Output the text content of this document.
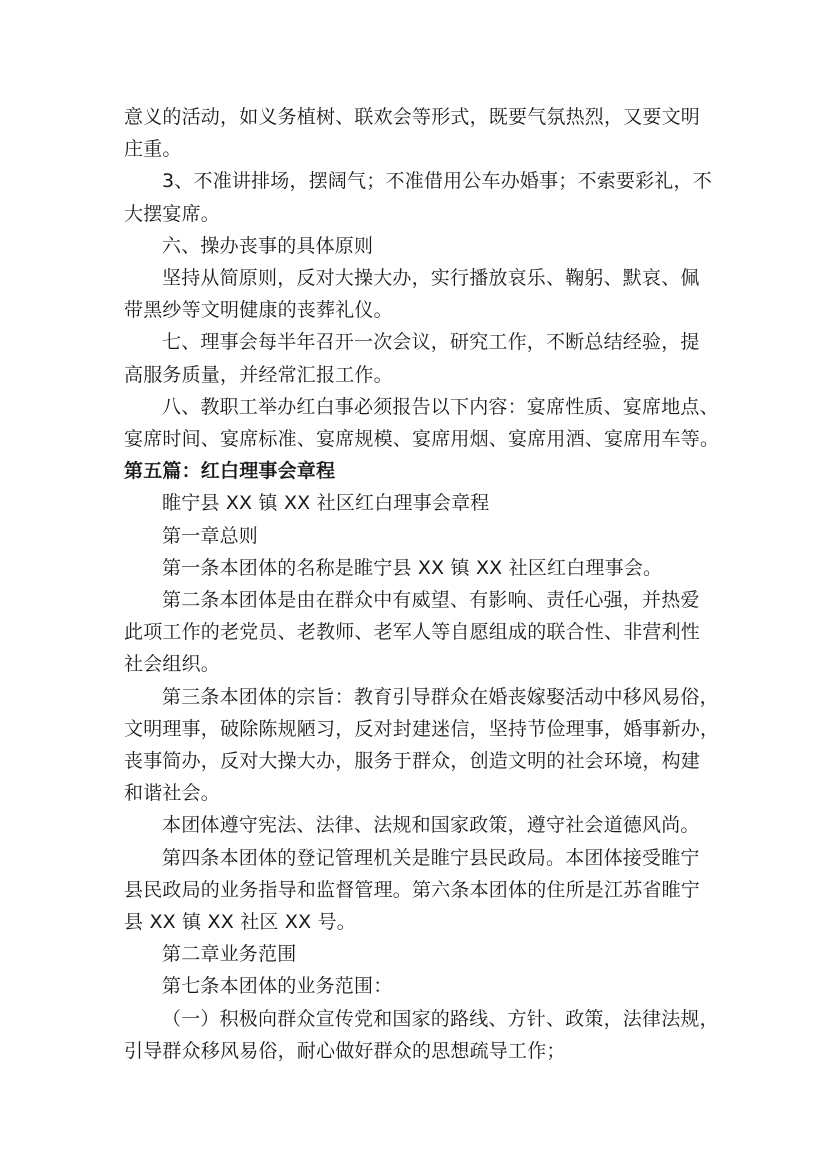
意义的活动，如义务植树、联欢会等形式，既要气氛热烈，又要文明
庄重。

3、不准讲排场，摆阔气；不准借用公车办婚事；不索要彩礼，不
大摆宴席。

六、操办丧事的具体原则

坚持从简原则，反对大操大办，实行播放哀乐、鞠躬、默哀、佩
带黑纱等文明健康的丧葬礼仪。

七、理事会每半年召开一次会议，研究工作，不断总结经验，提
高服务质量，并经常汇报工作。

八、教职工举办红白事必须报告以下内容：宴席性质、宴席地点、
宴席时间、宴席标准、宴席规模、宴席用烟、宴席用酒、宴席用车等。

第五篇：红白理事会章程

睢宁县 XX 镇 XX 社区红白理事会章程

第一章总则

第一条本团体的名称是睢宁县 XX 镇 XX 社区红白理事会。

第二条本团体是由在群众中有威望、有影响、责任心强，并热爱
此项工作的老党员、老教师、老军人等自愿组成的联合性、非营利性
社会组织。

第三条本团体的宗旨：教育引导群众在婚丧嫁娶活动中移风易俗，
文明理事，破除陈规陋习，反对封建迷信，坚持节俭理事，婚事新办，
丧事简办，反对大操大办，服务于群众，创造文明的社会环境，构建
和谐社会。

本团体遵守宪法、法律、法规和国家政策，遵守社会道德风尚。

第四条本团体的登记管理机关是睢宁县民政局。本团体接受睢宁
县民政局的业务指导和监督管理。第六条本团体的住所是江苏省睢宁
县 XX 镇 XX 社区 XX 号。

第二章业务范围

第七条本团体的业务范围：

（一）积极向群众宣传党和国家的路线、方针、政策，法律法规，
引导群众移风易俗，耐心做好群众的思想疏导工作；
